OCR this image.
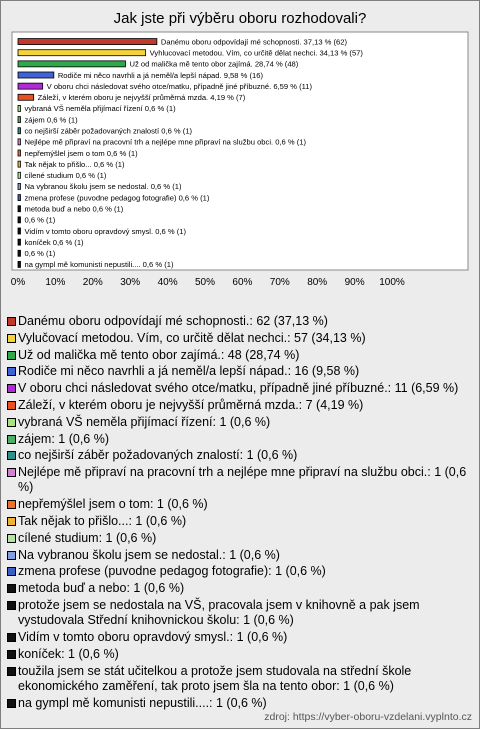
Jak jste při výběru oboru rozhodovali?
Danému oboru odpovídají mé schopnosti. 37,13 % (62)
Vyhlucovací metodou. Vím, co určitě dělat nechci. 34,13 % (57)
Už od malička mě tento obor zajímá. 28,74 % (48)
Rodiče mi něco navrhli a já neměl/a lepší nápad. 9,58 % (16)
V oboru chci následovat svého otce/matku, případně jiné příbuzné. 6,59 % (11)
Záleží, v kterém oboru je nejvyšší průměrná mzda. 4,19 % (7)
vybraná VŠ neměla přijímací řízení 0,6 % (1)
zájem 0,6 % (1)
co nejširší záběr požadovaných znalostí 0,6 % (1)
Nejlépe mě připraví na pracovní trh a nejlépe mne připraví na službu obci. 0,6 % (1)
nepřemýšlel jsem o tom 0,6 % (1)
Tak nějak to přišlo... 0,6 % (1)
cílené studium 0,6 % (1)
Na vybranou školu jsem se nedostal. 0,6 % (1)
zmena profese (puvodne pedagog fotografie) 0,6 % (1)
metoda buď a nebo 0,6 % (1)
0,6 % (1)
Vidím v tomto oboru opravdový smysl. 0,6 % (1)
koníček 0,6 % (1)
0,6 % (1)
na gympl mě komunisti nepustili.... 0,6 % (1)
0% 10% 20% 30% 40% 50% 60% 70% 80% 90% 100%
Danému oboru odpovídají mé schopnosti.: 62 (37,13 %)
Vylučovací metodou. Vím, co určitě dělat nechci.: 57 (34,13 %)
Už od malička mě tento obor zajímá.: 48 (28,74 %)
Rodiče mi něco navrhli a já neměl/a lepší nápad.: 16 (9,58 %)
V oboru chci následovat svého otce/matku, případně jiné příbuzné.: 11 (6,59 %)
Záleží, v kterém oboru je nejvyšší průměrná mzda.: 7 (4,19 %)
vybraná VŠ neměla přijímací řízení: 1 (0,6 %)
zájem: 1 (0,6 %)
co nejširší záběr požadovaných znalostí: 1 (0,6 %)
Nejlépe mě připraví na pracovní trh a nejlépe mne připraví na službu obci.: 1 (0,6 %)
nepřemýšlel jsem o tom: 1 (0,6 %)
Tak nějak to přišlo...: 1 (0,6 %)
cílené studium: 1 (0,6 %)
Na vybranou školu jsem se nedostal.: 1 (0,6 %)
zmena profese (puvodne pedagog fotografie): 1 (0,6 %)
metoda buď a nebo: 1 (0,6 %)
protože jsem se nedostala na VŠ, pracovala jsem v knihovně a pak jsem vystudovala Střední knihovnickou školu: 1 (0,6 %)
Vidím v tomto oboru opravdový smysl.: 1 (0,6 %)
koníček: 1 (0,6 %)
toužila jsem se stát učitelkou a protože jsem studovala na střední škole ekonomického zaměření, tak proto jsem šla na tento obor: 1 (0,6 %)
na gympl mě komunisti nepustili....: 1 (0,6 %)
zdroj: https://vyber-oboru-vzdelani.vyplnto.cz
